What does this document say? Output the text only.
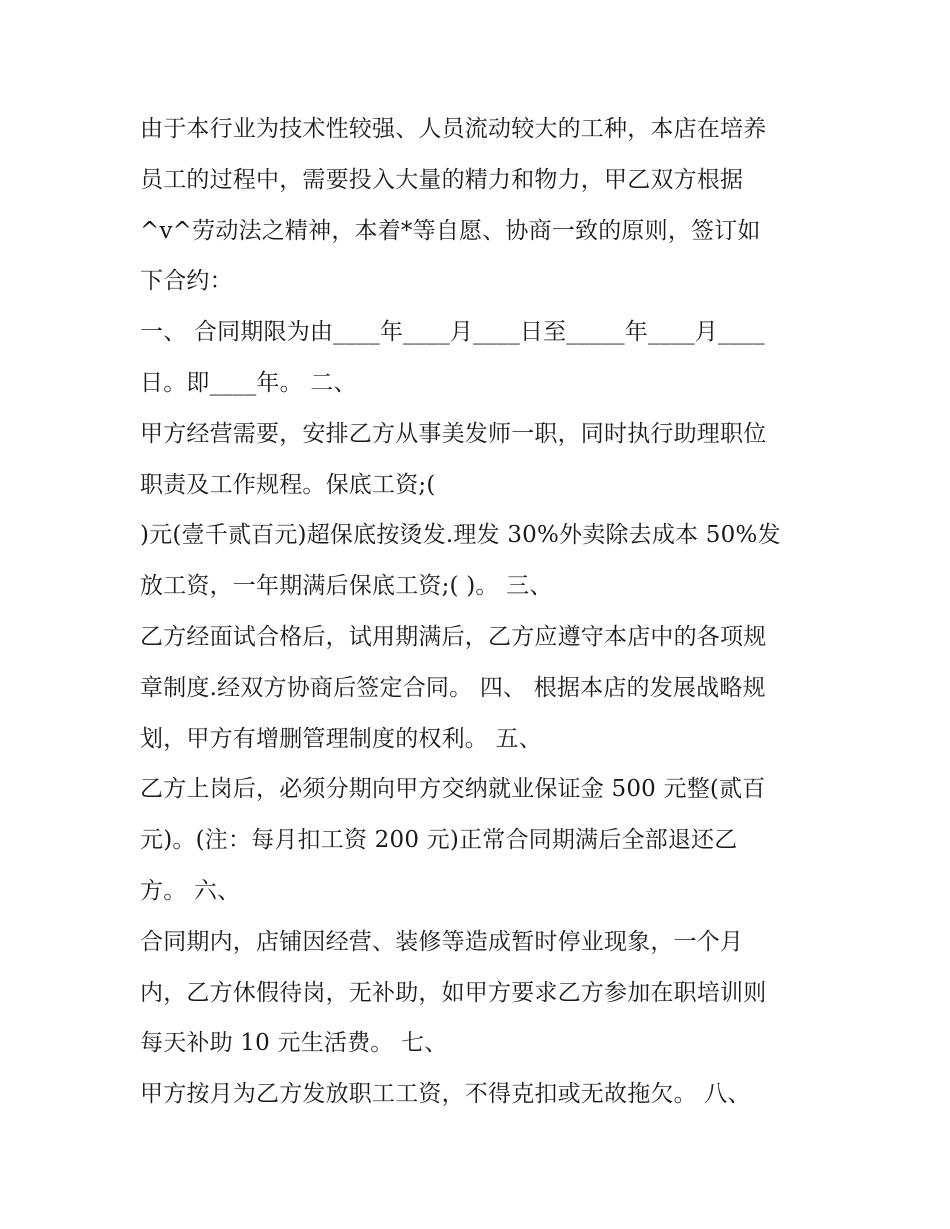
由于本行业为技术性较强、人员流动较大的工种，本店在培养
员工的过程中，需要投入大量的精力和物力，甲乙双方根据
^v^劳动法之精神，本着*等自愿、协商一致的原则，签订如
下合约：
一、 合同期限为由____年____月____日至_____年____月____
日。即____年。 二、
甲方经营需要，安排乙方从事美发师一职，同时执行助理职位
职责及工作规程。保底工资;(
)元(壹千贰百元)超保底按烫发.理发 30%外卖除去成本 50%发
放工资，一年期满后保底工资;( )。 三、
乙方经面试合格后，试用期满后，乙方应遵守本店中的各项规
章制度.经双方协商后签定合同。 四、 根据本店的发展战略规
划，甲方有增删管理制度的权利。 五、
乙方上岗后，必须分期向甲方交纳就业保证金 500 元整(贰百
元)。(注：每月扣工资 200 元)正常合同期满后全部退还乙
方。 六、
合同期内，店铺因经营、装修等造成暂时停业现象，一个月
内，乙方休假待岗，无补助，如甲方要求乙方参加在职培训则
每天补助 10 元生活费。 七、
甲方按月为乙方发放职工工资，不得克扣或无故拖欠。 八、
